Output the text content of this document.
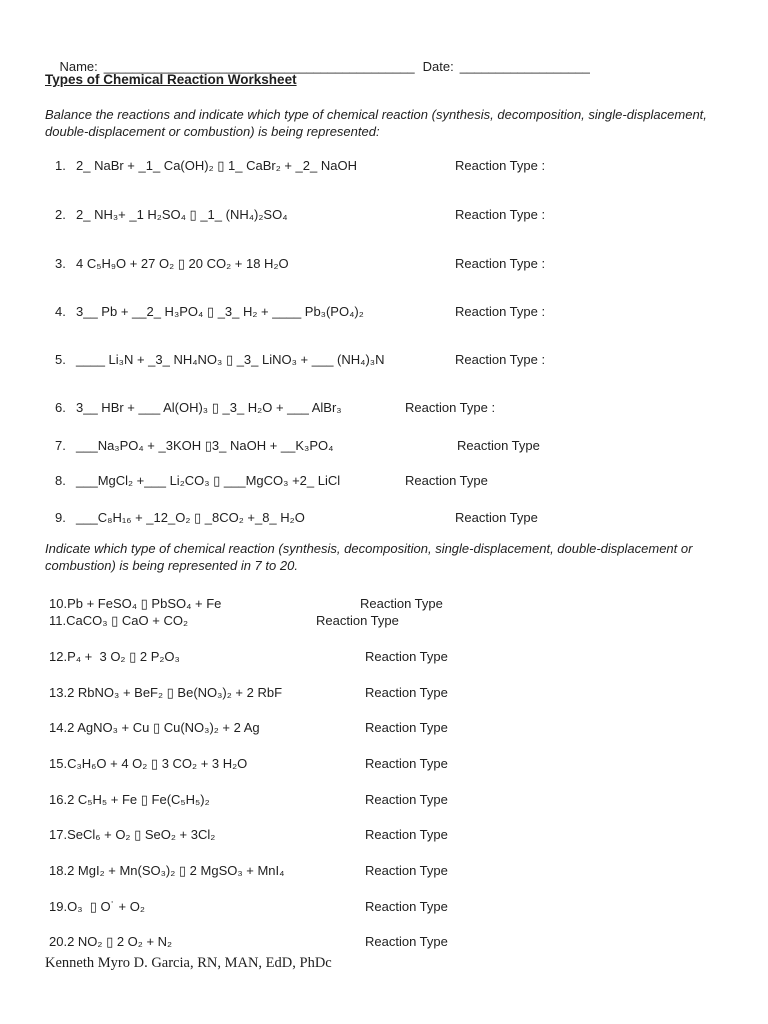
Name: ___________________________________________ Date: __________________

Types of Chemical Reaction Worksheet
Balance the reactions and indicate which type of chemical reaction (synthesis, decomposition, single-displacement, double-displacement or combustion) is being represented:
1. 2_ NaBr + _1_ Ca(OH)₂ ▯ 1_ CaBr₂ + _2_ NaOH	Reaction Type :
2. 2_ NH₃+ _1 H₂SO₄ ▯ _1_ (NH₄)₂SO₄	Reaction Type :
3. 4 C₅H₉O + 27 O₂ ▯ 20 CO₂ + 18 H₂O	Reaction Type :
4. 3__ Pb + __2_ H₃PO₄ ▯ _3_ H₂ + ____ Pb₃(PO₄)₂	Reaction Type :
5. ____ Li₃N + _3_ NH₄NO₃ ▯ _3_ LiNO₃ + ___ (NH₄)₃N	Reaction Type :
6. 3__ HBr + ___ Al(OH)₃ ▯ _3_ H₂O + ___ AlBr₃	Reaction Type :
7. ___Na₃PO₄ + _3KOH ▯3_ NaOH + __K₃PO₄	Reaction Type
8. ___MgCl₂ +___ Li₂CO₃ ▯ ___MgCO₃ +2_ LiCl	Reaction Type
9. ___C₈H₁₆ + _12_O₂ ▯ _8CO₂ +_8_ H₂O	Reaction Type
10.Pb + FeSO₄ ▯ PbSO₄ + Fe	Reaction Type
11.CaCO₃ ▯ CaO + CO₂	Reaction Type
12.P₄ +  3 O₂ ▯ 2 P₂O₃	Reaction Type
13.2 RbNO₃ + BeF₂ ▯ Be(NO₃)₂ + 2 RbF	Reaction Type
14.2 AgNO₃ + Cu ▯ Cu(NO₃)₂ + 2 Ag	Reaction Type
15.C₃H₆O + 4 O₂ ▯ 3 CO₂ + 3 H₂O	Reaction Type
16.2 C₅H₅ + Fe ▯ Fe(C₅H₅)₂	Reaction Type
17.SeCl₆ + O₂ ▯ SeO₂ + 3Cl₂	Reaction Type
18.2 MgI₂ + Mn(SO₃)₂ ▯ 2 MgSO₃ + MnI₄	Reaction Type
19.O₃  ▯ O˙ + O₂	Reaction Type
20.2 NO₂ ▯ 2 O₂ + N₂	Reaction Type
Indicate which type of chemical reaction (synthesis, decomposition, single-displacement, double-displacement or combustion) is being represented in 7 to 20.
Kenneth Myro D. Garcia, RN, MAN, EdD, PhDc
